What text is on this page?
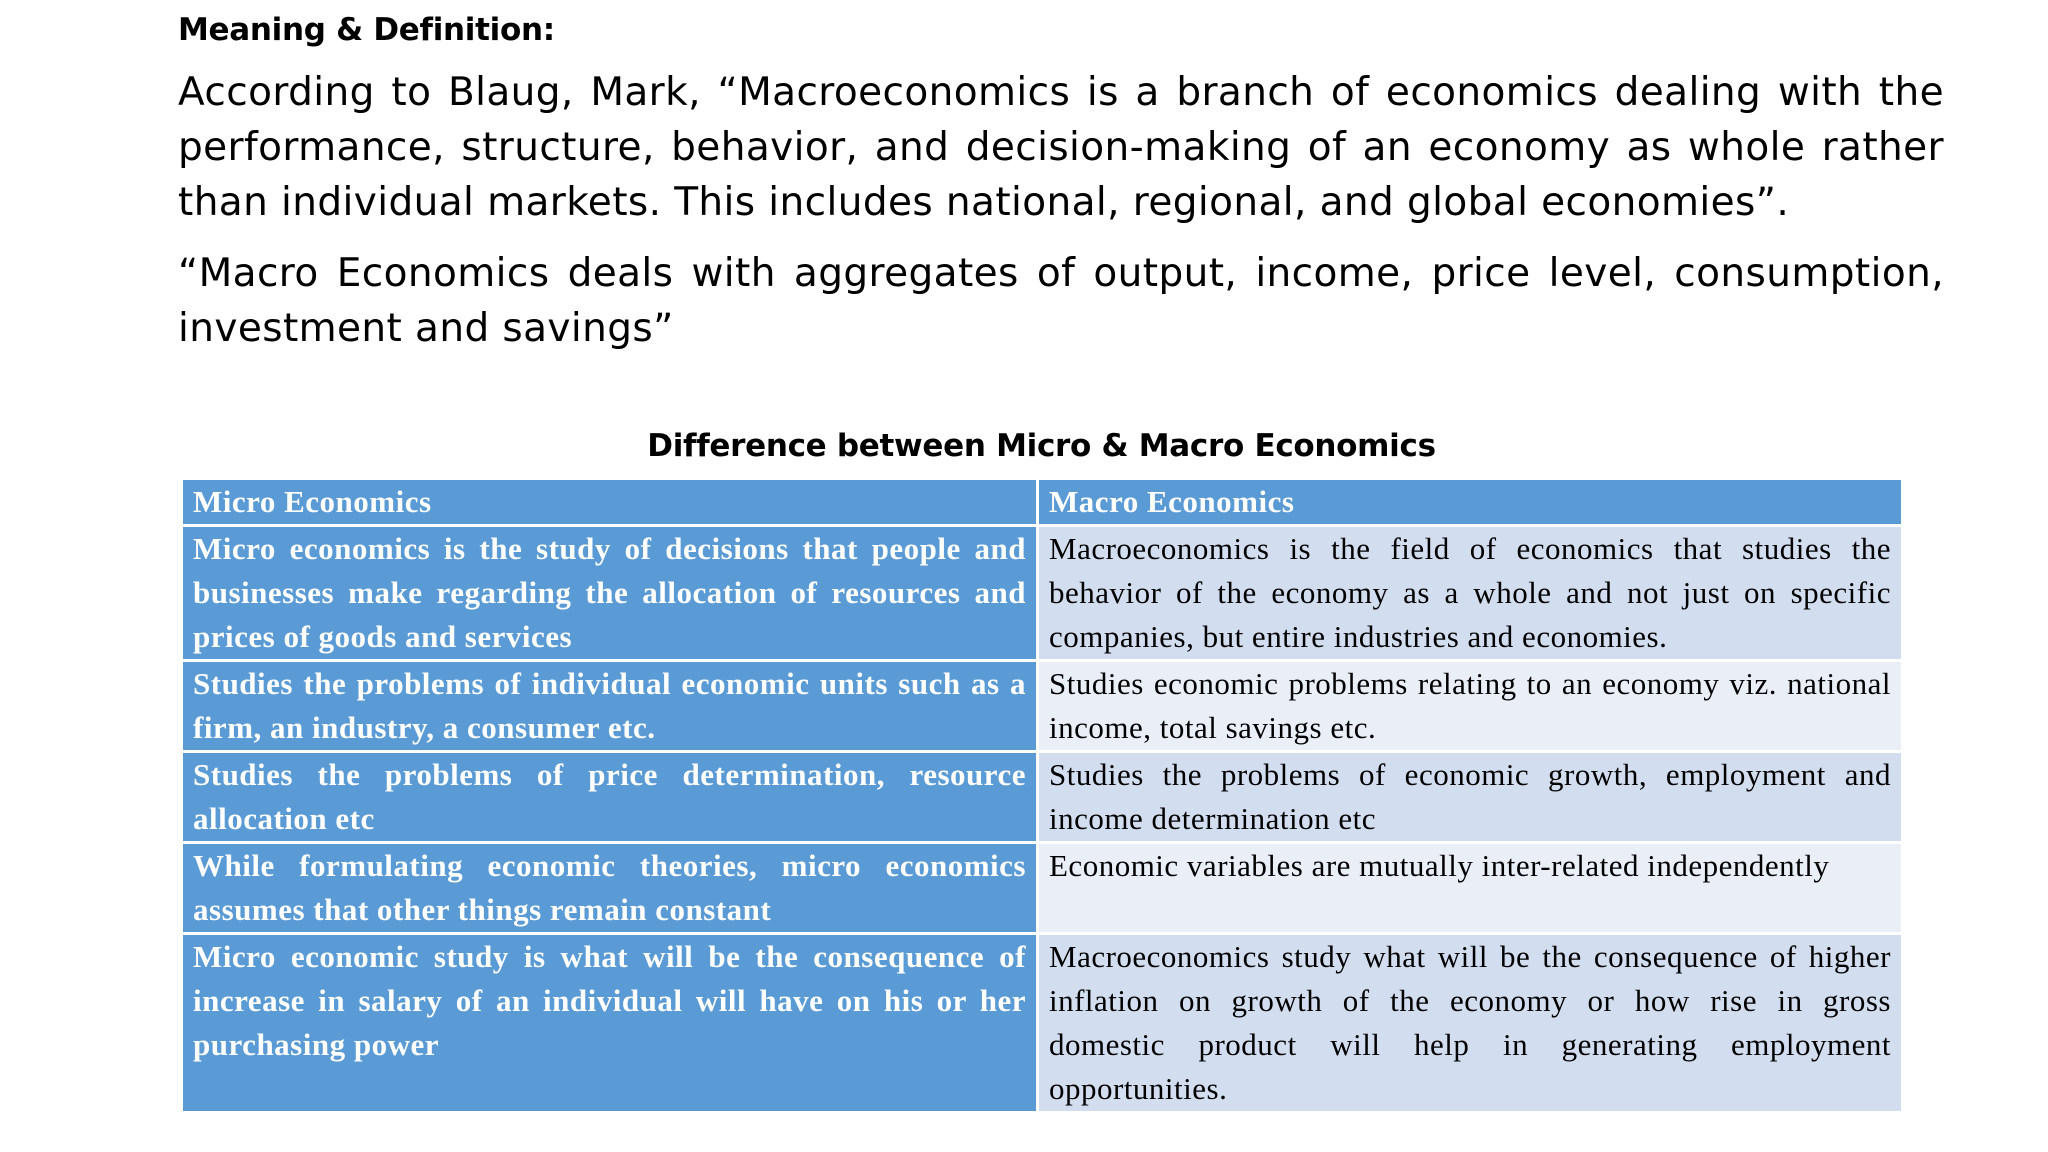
Meaning & Definition:
According to Blaug, Mark, “Macroeconomics is a branch of economics dealing with the performance, structure, behavior, and decision-making of an economy as whole rather than individual markets. This includes national, regional, and global economies”.
“Macro Economics deals with aggregates of output, income, price level, consumption, investment and savings”
Difference between Micro & Macro Economics
Micro Economics	Macro Economics
Micro economics is the study of decisions that people and businesses make regarding the allocation of resources and prices of goods and services
Macroeconomics is the field of economics that studies the behavior of the economy as a whole and not just on specific companies, but entire industries and economies.
Studies the problems of individual economic units such as a firm, an industry, a consumer etc.
Studies economic problems relating to an economy viz. national income, total savings etc.
Studies the problems of price determination, resource allocation etc
Studies the problems of economic growth, employment and income determination etc
While formulating economic theories, micro economics assumes that other things remain constant
Economic variables are mutually inter-related independently
Micro economic study is what will be the consequence of increase in salary of an individual will have on his or her purchasing power
Macroeconomics study what will be the consequence of higher inflation on growth of the economy or how rise in gross domestic product will help in generating employment opportunities.
